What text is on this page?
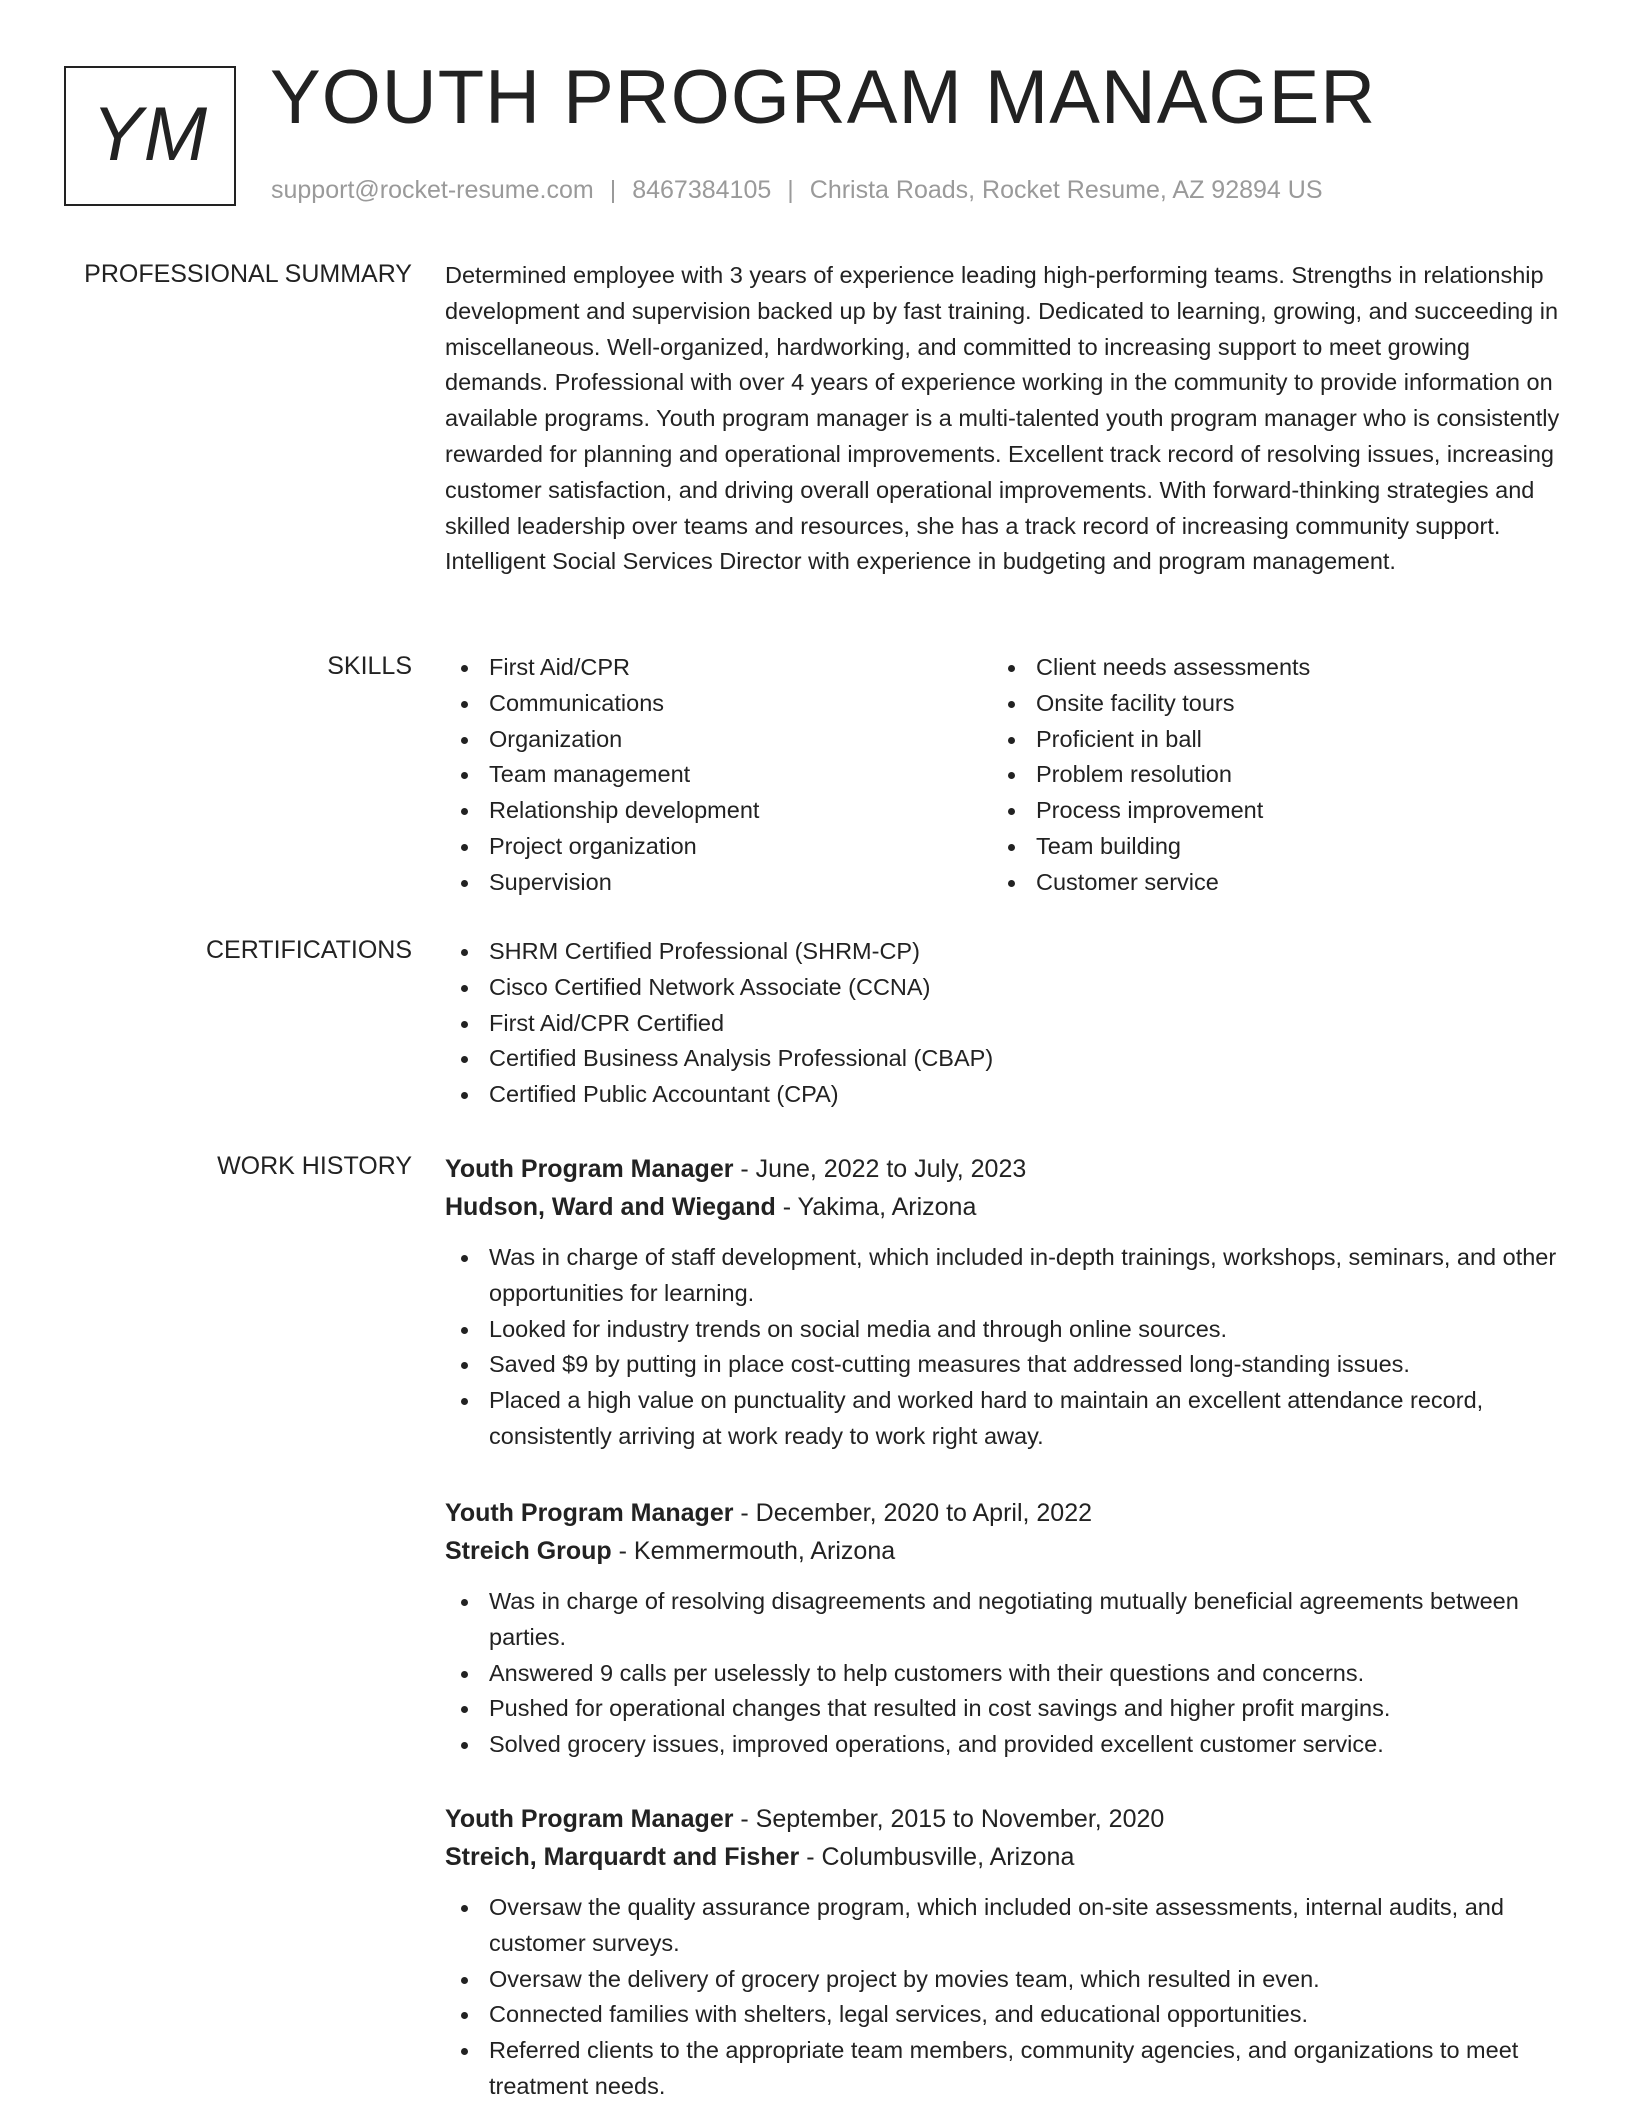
YM YOUTH PROGRAM MANAGER
support@rocket-resume.com | 8467384105 | Christa Roads, Rocket Resume, AZ 92894 US
PROFESSIONAL SUMMARY Determined employee with 3 years of experience leading high-performing teams. Strengths in relationship development and supervision backed up by fast training. Dedicated to learning, growing, and succeeding in miscellaneous. Well-organized, hardworking, and committed to increasing support to meet growing demands. Professional with over 4 years of experience working in the community to provide information on available programs. Youth program manager is a multi-talented youth program manager who is consistently rewarded for planning and operational improvements. Excellent track record of resolving issues, increasing customer satisfaction, and driving overall operational improvements. With forward-thinking strategies and skilled leadership over teams and resources, she has a track record of increasing community support. Intelligent Social Services Director with experience in budgeting and program management.

SKILLS	First Aid/CPR
Communications
Organization
Team management
Relationship development
Project organization
Supervision
Client needs assessments
Onsite facility tours
Proficient in ball
Problem resolution
Process improvement
Team building
Customer service
CERTIFICATIONS	SHRM Certified Professional (SHRM-CP)
Cisco Certified Network Associate (CCNA)
First Aid/CPR Certified
Certified Business Analysis Professional (CBAP)
Certified Public Accountant (CPA)
WORK HISTORY Youth Program Manager - June, 2022 to July, 2023
Hudson, Ward and Wiegand - Yakima, Arizona
Was in charge of staff development, which included in-depth trainings, workshops, seminars, and other opportunities for learning.
Looked for industry trends on social media and through online sources.
Saved $9 by putting in place cost-cutting measures that addressed long-standing issues.
Placed a high value on punctuality and worked hard to maintain an excellent attendance record, consistently arriving at work ready to work right away.
Youth Program Manager - December, 2020 to April, 2022
Streich Group - Kemmermouth, Arizona
Was in charge of resolving disagreements and negotiating mutually beneficial agreements between parties.
Answered 9 calls per uselessly to help customers with their questions and concerns.
Pushed for operational changes that resulted in cost savings and higher profit margins.
Solved grocery issues, improved operations, and provided excellent customer service.
Youth Program Manager - September, 2015 to November, 2020
Streich, Marquardt and Fisher - Columbusville, Arizona
Oversaw the quality assurance program, which included on-site assessments, internal audits, and customer surveys.
Oversaw the delivery of grocery project by movies team, which resulted in even.
Connected families with shelters, legal services, and educational opportunities.
Referred clients to the appropriate team members, community agencies, and organizations to meet treatment needs.
